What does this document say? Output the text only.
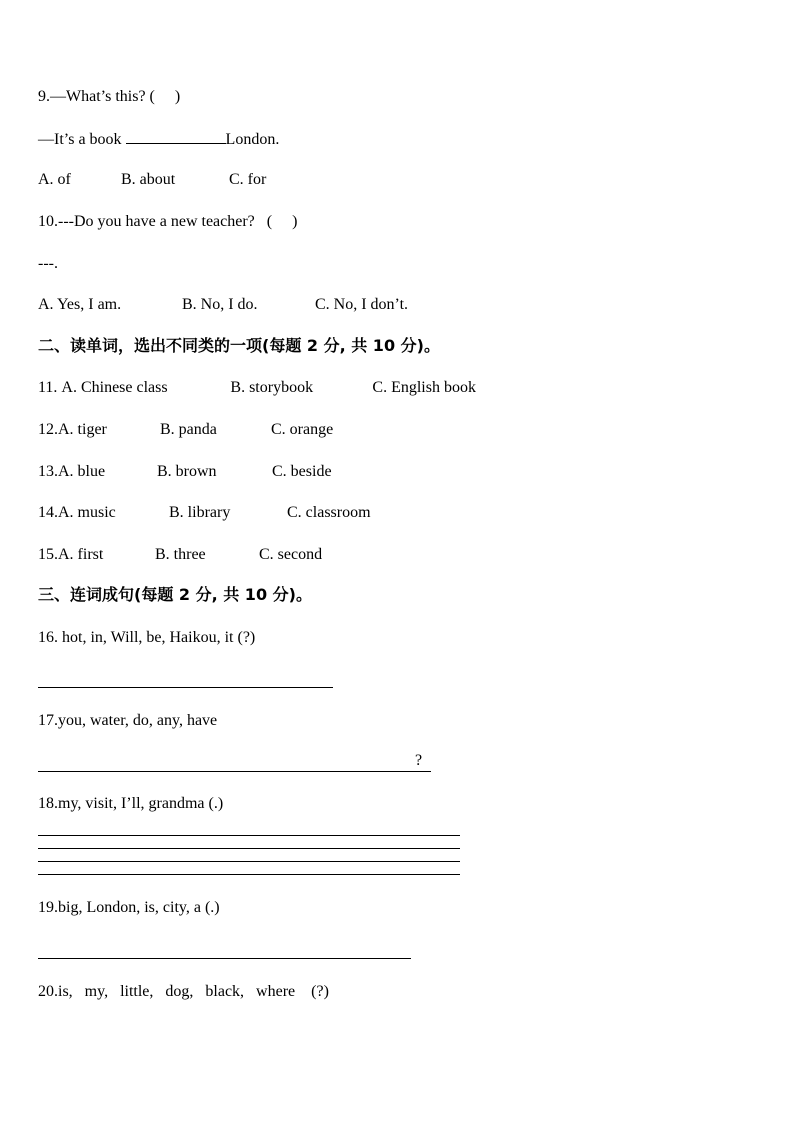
9.—What’s this? (     )
—It’s a book	London.
A. of	B. about	C. for
10.---Do you have a new teacher?   (     )
---.
A. Yes, I am.	B. No, I do.	C. No, I don’t.
二、读单词，选出不同类的一项(每题 2 分, 共 10 分)。
11. A. Chinese class	B. storybook	C. English book
12.A. tiger	B. panda	C. orange
13.A. blue	B. brown	C. beside
14.A. music	B. library	C. classroom
15.A. first	B. three	C. second
三、连词成句(每题 2 分, 共 10 分)。
16. hot, in, Will, be, Haikou, it (?)
17.you, water, do, any, have
?
18.my, visit, I’ll, grandma (.)
19.big, London, is, city, a (.)
20.is,   my,   little,   dog,   black,   where    (?)
